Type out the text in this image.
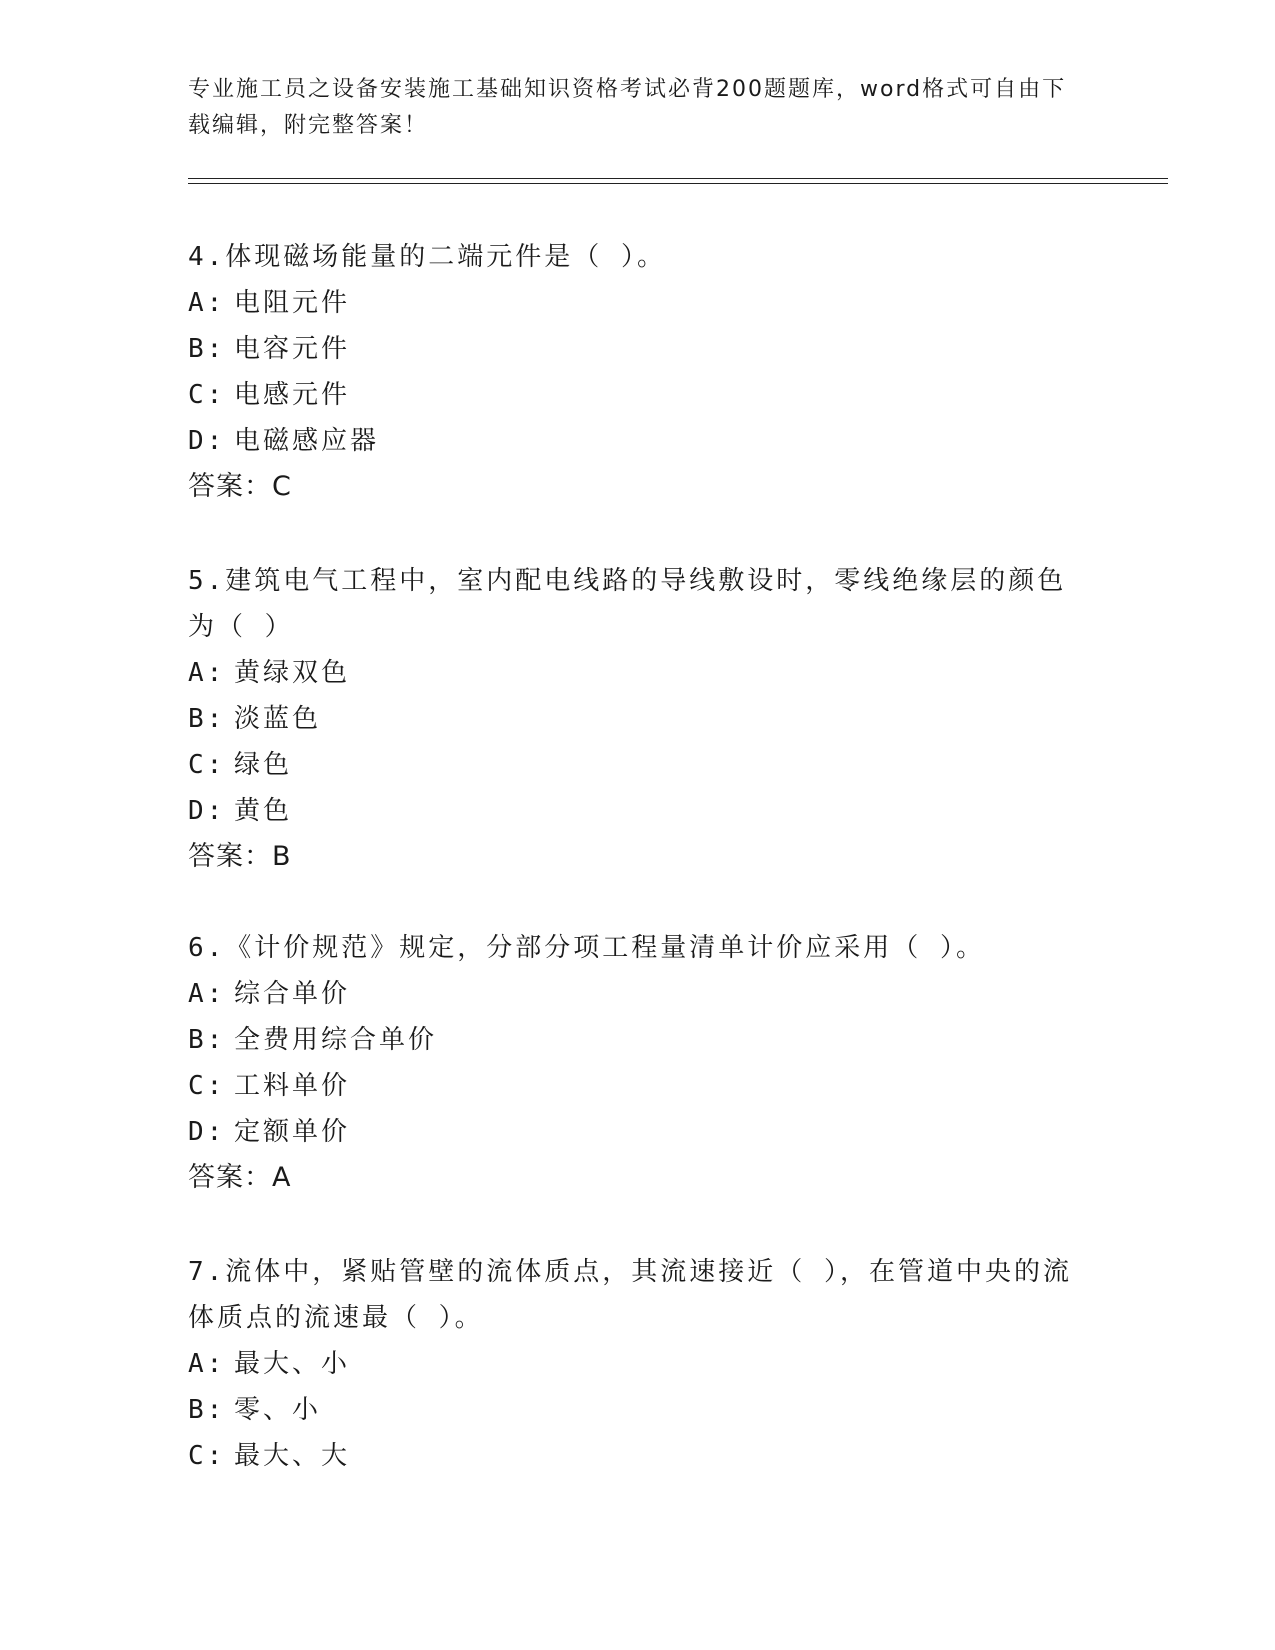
专业施工员之设备安装施工基础知识资格考试必背200题题库，word格式可自由下载编辑，附完整答案！
4.体现磁场能量的二端元件是（ ）。
A: 电阻元件
B: 电容元件
C: 电感元件
D: 电磁感应器
答案：C
5.建筑电气工程中，室内配电线路的导线敷设时，零线绝缘层的颜色为（ ）
A: 黄绿双色
B: 淡蓝色
C: 绿色
D: 黄色
答案：B
6.《计价规范》规定，分部分项工程量清单计价应采用（ ）。
A: 综合单价
B: 全费用综合单价
C: 工料单价
D: 定额单价
答案：A
7.流体中，紧贴管壁的流体质点，其流速接近（ ），在管道中央的流体质点的流速最（ ）。
A: 最大、小
B: 零、小
C: 最大、大
